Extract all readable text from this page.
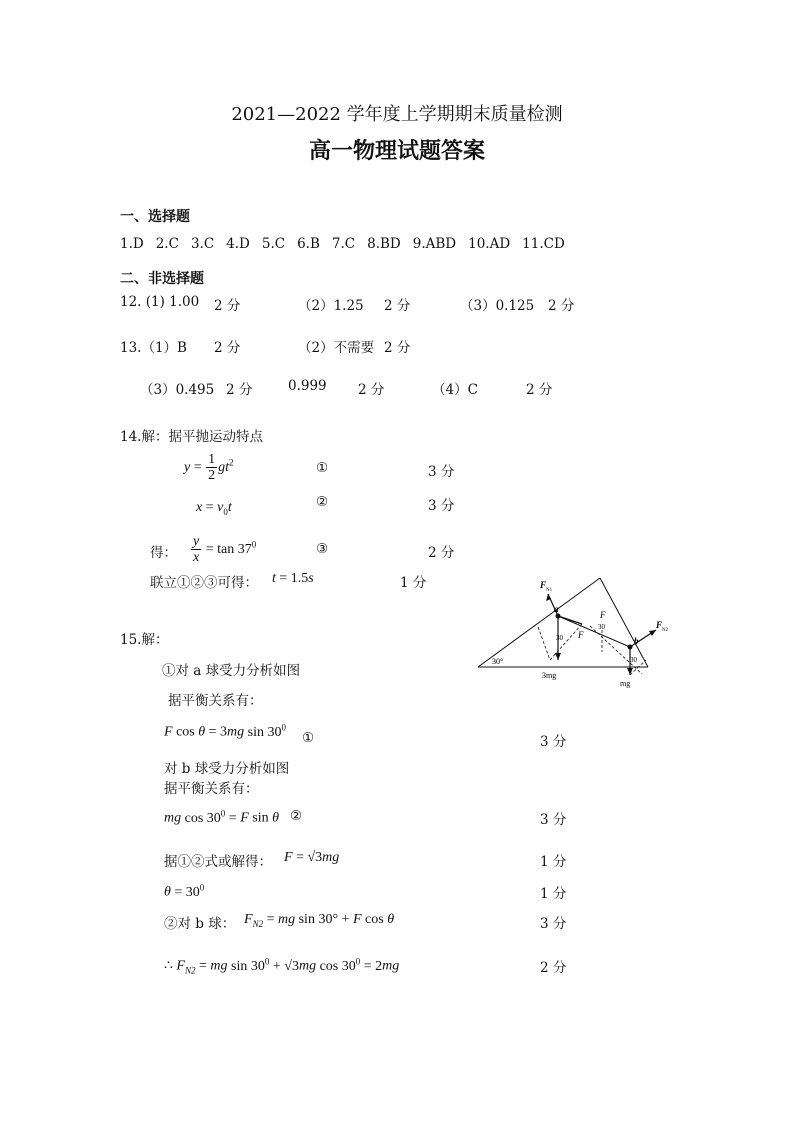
2021—2022 学年度上学期期末质量检测
高一物理试题答案
一、选择题
1.D 2.C 3.C 4.D 5.C 6.B 7.C 8.BD 9.ABD 10.AD 11.CD
二、非选择题
12. (1) 1.00 2 分	（2）1.25 2 分	（3）0.125 2 分
13.（1）B 2 分	（2）不需要 2 分
（3）0.495 2 分	0.999 2 分	（4）C	2 分
14.解：据平抛运动特点
$y = \frac{1}{2} gt^2$	①	3 分
$x = v_0t$	②	3 分
得： $\frac{y}{x} = \tan 37^0$	③	2 分
联立①②③可得： t = 1.5s	1 分
15.解：
①对 a 球受力分析如图
据平衡关系有：
F cos θ = 3mg $\sin 30^0$
①	3 分
对 b 球受力分析如图
据平衡关系有：
mg $\cos 30^0 = F$ sin θ ②	3 分
据①②式或解得： F = √3mg	1 分
$\theta = 30^0$	1 分
②对 b 球： $F_{N2}$ = mg sin 30° + F cos θ	3 分
∴ $F_{N2}$ = mg $\sin 30^0 + √3mg$ $\cos 30^0 = 2mg$	2 分
F
N1
a
b
F
F
F
N2
30°
30
30
30
3mg
mg
